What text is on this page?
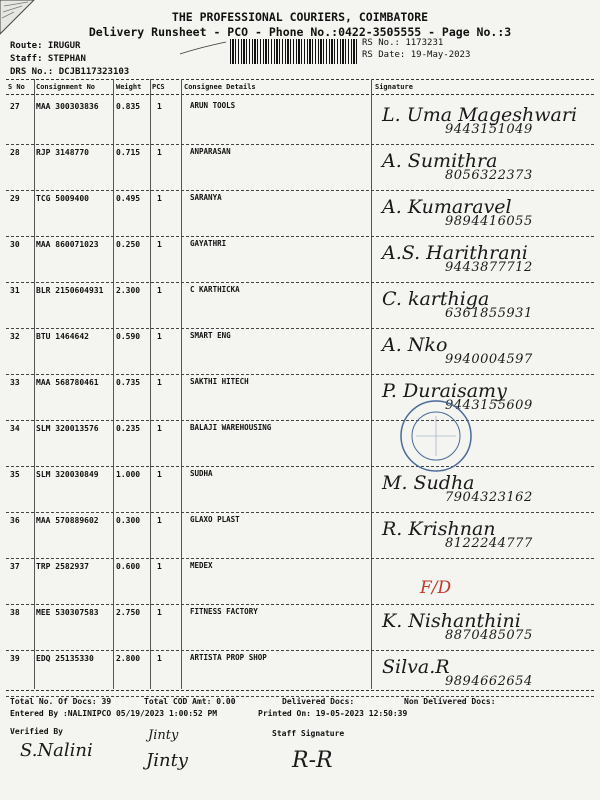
THE PROFESSIONAL COURIERS, COIMBATORE
Delivery Runsheet - PCO - Phone No.:0422-3505555 - Page No.:3
Route: IRUGUR
Staff: STEPHAN
DRS No.: DCJB117323103
RS No.: 1173231
RS Date: 19-May-2023
S No Consignment No	Weight PCS	Consignee Details	Signature
27 MAA 300303836 0.835 1	ARUN TOOLS	L. Uma Mageshwari
9443151049
28 RJP 3148770	0.715 1	ANPARASAN	A. Sumithra
8056322373
29 TCG 5009400	0.495 1	SARANYA	A. Kumaravel
9894416055
30 MAA 860071023 0.250 1	GAYATHRI	A.S. Harithrani
9443877712
31 BLR 2150604931 2.300 1	C KARTHICKA	C. karthiga
6361855931
32 BTU 1464642	0.590 1	SMART ENG	A. Nko
9940004597
33 MAA 568780461 0.735 1	SAKTHI HITECH	P. Duraisamy
9443155609
34 SLM 320013576 0.235 1	BALAJI WAREHOUSING
35 SLM 320030849 1.000 1	SUDHA	M. Sudha
7904323162
36 MAA 570889602 0.300 1	GLAXO PLAST	R. Krishnan
8122244777
37 TRP 2582937	0.600 1	MEDEX
F/D
38 MEE 530307583 2.750 1	FITNESS FACTORY	K. Nishanthini
8870485075
39 EDQ 25135330	2.800 1	ARTISTA PROP SHOP	Silva.R
9894662654
Total No. Of Docs: 39	Total COD Amt: 0.00	Delivered Docs:	Non Delivered Docs:
Entered By :NALINIPCO 05/19/2023 1:00:52 PM	Printed On: 19-05-2023 12:50:39
Verified By	Staff Signature
S.Nalini
Jinty
Jinty	R-R
